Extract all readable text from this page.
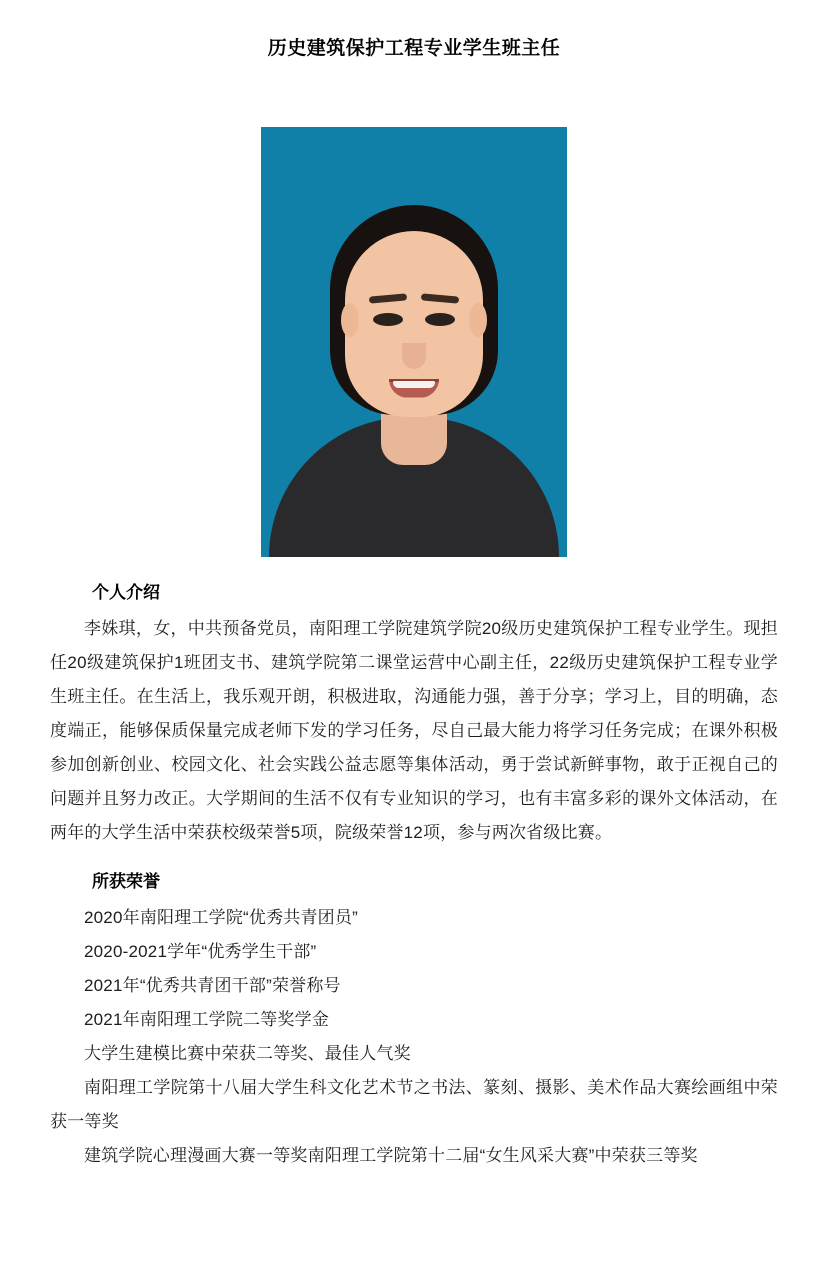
历史建筑保护工程专业学生班主任
个人介绍

李姝琪，女，中共预备党员，南阳理工学院建筑学院20级历史建筑保护工程专业学生。现担任20级建筑保护1班团支书、建筑学院第二课堂运营中心副主任，22级历史建筑保护工程专业学生班主任。在生活上，我乐观开朗，积极进取，沟通能力强，善于分享；学习上，目的明确，态度端正，能够保质保量完成老师下发的学习任务，尽自己最大能力将学习任务完成；在课外积极参加创新创业、校园文化、社会实践公益志愿等集体活动，勇于尝试新鲜事物，敢于正视自己的问题并且努力改正。大学期间的生活不仅有专业知识的学习，也有丰富多彩的课外文体活动，在两年的大学生活中荣获校级荣誉5项，院级荣誉12项，参与两次省级比赛。

所获荣誉
2020年南阳理工学院“优秀共青团员”
2020-2021学年“优秀学生干部”
2021年“优秀共青团干部”荣誉称号
2021年南阳理工学院二等奖学金
大学生建模比赛中荣获二等奖、最佳人气奖
南阳理工学院第十八届大学生科文化艺术节之书法、篆刻、摄影、美术作品大赛绘画组中荣获一等奖
建筑学院心理漫画大赛一等奖南阳理工学院第十二届“女生风采大赛”中荣获三等奖
